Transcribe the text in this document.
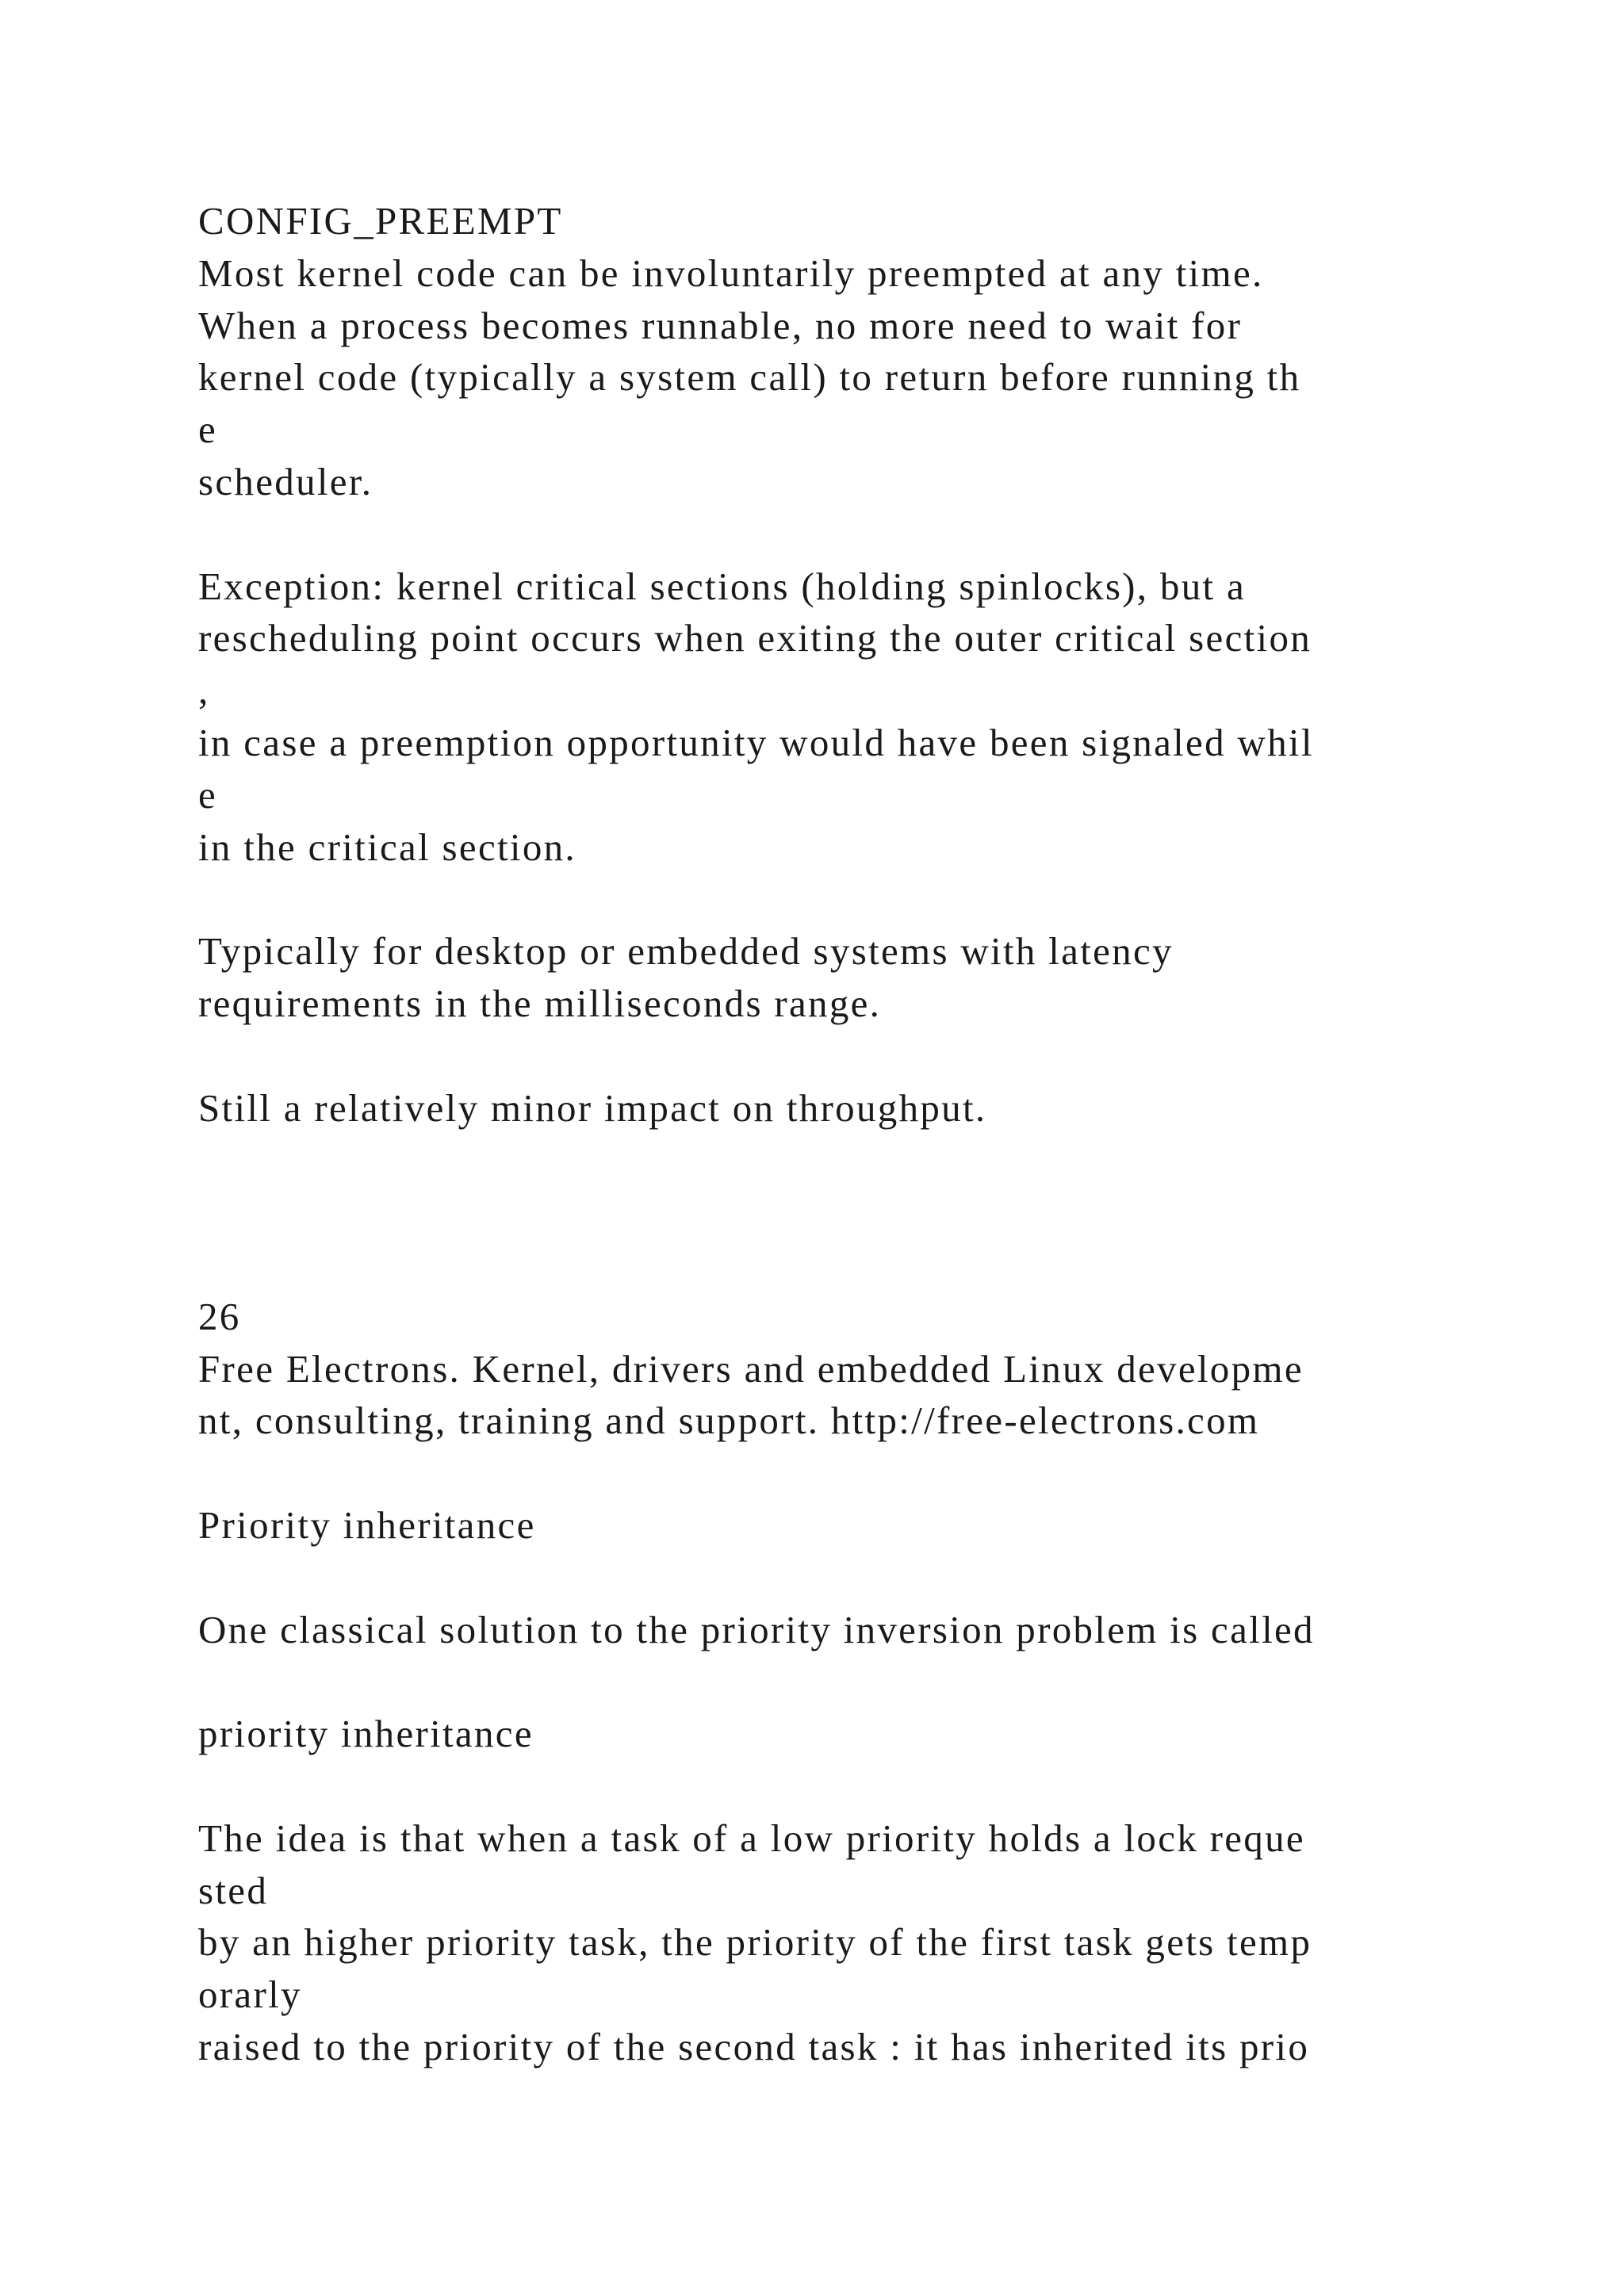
CONFIG_PREEMPT
Most kernel code can be involuntarily preempted at any time.
When a process becomes runnable, no more need to wait for
kernel code (typically a system call) to return before running th
e
scheduler.
Exception: kernel critical sections (holding spinlocks), but a
rescheduling point occurs when exiting the outer critical section
,
in case a preemption opportunity would have been signaled whil
e
in the critical section.
Typically for desktop or embedded systems with latency
requirements in the milliseconds range.
Still a relatively minor impact on throughput.
26
Free Electrons. Kernel, drivers and embedded Linux developme
nt, consulting, training and support. http://free-electrons.com
Priority inheritance
One classical solution to the priority inversion problem is called
priority inheritance
The idea is that when a task of a low priority holds a lock reque
sted
by an higher priority task, the priority of the first task gets temp
orarly
raised to the priority of the second task : it has inherited its prio
